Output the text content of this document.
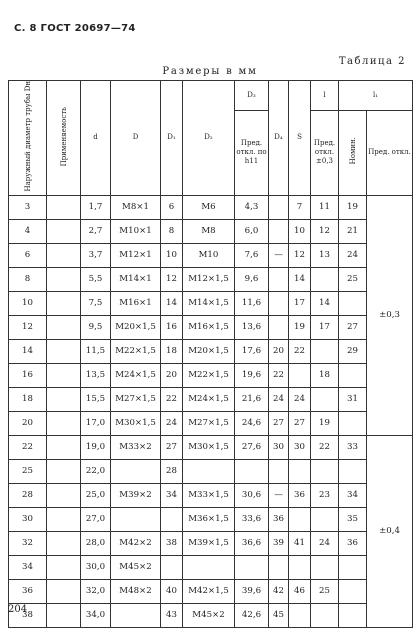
С. 8 ГОСТ 20697—74
Таблица 2
Размеры в мм
Наружный диаметр трубы Dн	Применяемость	d	D	D₁	D₂	D₃	D₄	S	l	l₁	
						Пред. откл. по h11			Пред. откл. ±0,3	Номин.	Пред. откл.
3		1,7	M8×1	6	M6	4,3		7	11	19	±0,3
4		2,7	M10×1	8	M8	6,0		10	12	21	
6		3,7	M12×1	10	M10	7,6	—	12	13	24	
8		5,5	M14×1	12	M12×1,5	9,6		14		25	
10		7,5	M16×1	14	M14×1,5	11,6		17	14		
12		9,5	M20×1,5	16	M16×1,5	13,6		19	17	27	
14		11,5	M22×1,5	18	M20×1,5	17,6	20	22		29	
16		13,5	M24×1,5	20	M22×1,5	19,6	22		18		
18		15,5	M27×1,5	22	M24×1,5	21,6	24	24		31	
20		17,0	M30×1,5	24	M27×1,5	24,6	27	27	19		
22		19,0	M33×2	27	M30×1,5	27,6	30	30	22	33	±0,4
25		22,0		28							
28		25,0	M39×2	34	M33×1,5	30,6	—	36	23	34	
30		27,0			M36×1,5	33,6	36			35	
32		28,0	M42×2	38	M39×1,5	36,6	39	41	24	36	
34		30,0	M45×2								
36		32,0	M48×2	40	M42×1,5	39,6	42	46	25		
38		34,0		43	M45×2	42,6	45				
204
